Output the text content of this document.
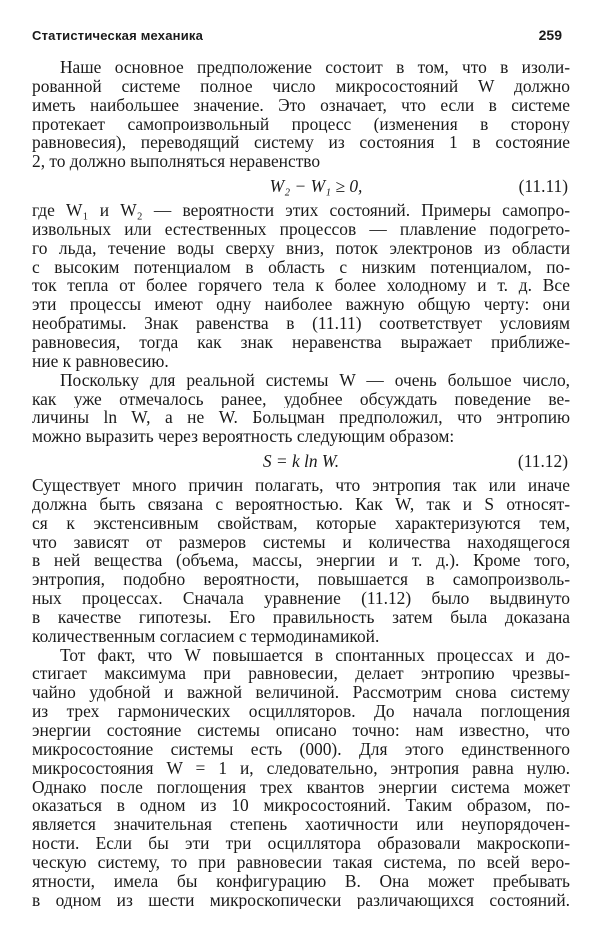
Статистическая механика	259
Наше основное предположение состоит в том, что в изоли-
рованной системе полное число микросостояний W должно
иметь наибольшее значение. Это означает, что если в системе
протекает самопроизвольный процесс (изменения в сторону
равновесия), переводящий систему из состояния 1 в состояние
2, то должно выполняться неравенство
W₂ − W₁ ≥ 0,	(11.11)
где W₁ и W₂ — вероятности этих состояний. Примеры самопро-
извольных или естественных процессов — плавление подогрето-
го льда, течение воды сверху вниз, поток электронов из области
с высоким потенциалом в область с низким потенциалом, по-
ток тепла от более горячего тела к более холодному и т. д. Все
эти процессы имеют одну наиболее важную общую черту: они
необратимы. Знак равенства в (11.11) соответствует условиям
равновесия, тогда как знак неравенства выражает приближе-
ние к равновесию.
Поскольку для реальной системы W — очень большое число,
как уже отмечалось ранее, удобнее обсуждать поведение ве-
личины ln W, а не W. Больцман предположил, что энтропию
можно выразить через вероятность следующим образом:
S = k ln W.	(11.12)
Существует много причин полагать, что энтропия так или иначе
должна быть связана с вероятностью. Как W, так и S относят-
ся к экстенсивным свойствам, которые характеризуются тем,
что зависят от размеров системы и количества находящегося
в ней вещества (объема, массы, энергии и т. д.). Кроме того,
энтропия, подобно вероятности, повышается в самопроизволь-
ных процессах. Сначала уравнение (11.12) было выдвинуто
в качестве гипотезы. Его правильность затем была доказана
количественным согласием с термодинамикой.
Тот факт, что W повышается в спонтанных процессах и до-
стигает максимума при равновесии, делает энтропию чрезвы-
чайно удобной и важной величиной. Рассмотрим снова систему
из трех гармонических осцилляторов. До начала поглощения
энергии состояние системы описано точно: нам известно, что
микросостояние системы есть (000). Для этого единственного
микросостояния W = 1 и, следовательно, энтропия равна нулю.
Однако после поглощения трех квантов энергии система может
оказаться в одном из 10 микросостояний. Таким образом, по-
является значительная степень хаотичности или неупорядочен-
ности. Если бы эти три осциллятора образовали макроскопи-
ческую систему, то при равновесии такая система, по всей веро-
ятности, имела бы конфигурацию B. Она может пребывать
в одном из шести микроскопически различающихся состояний.
